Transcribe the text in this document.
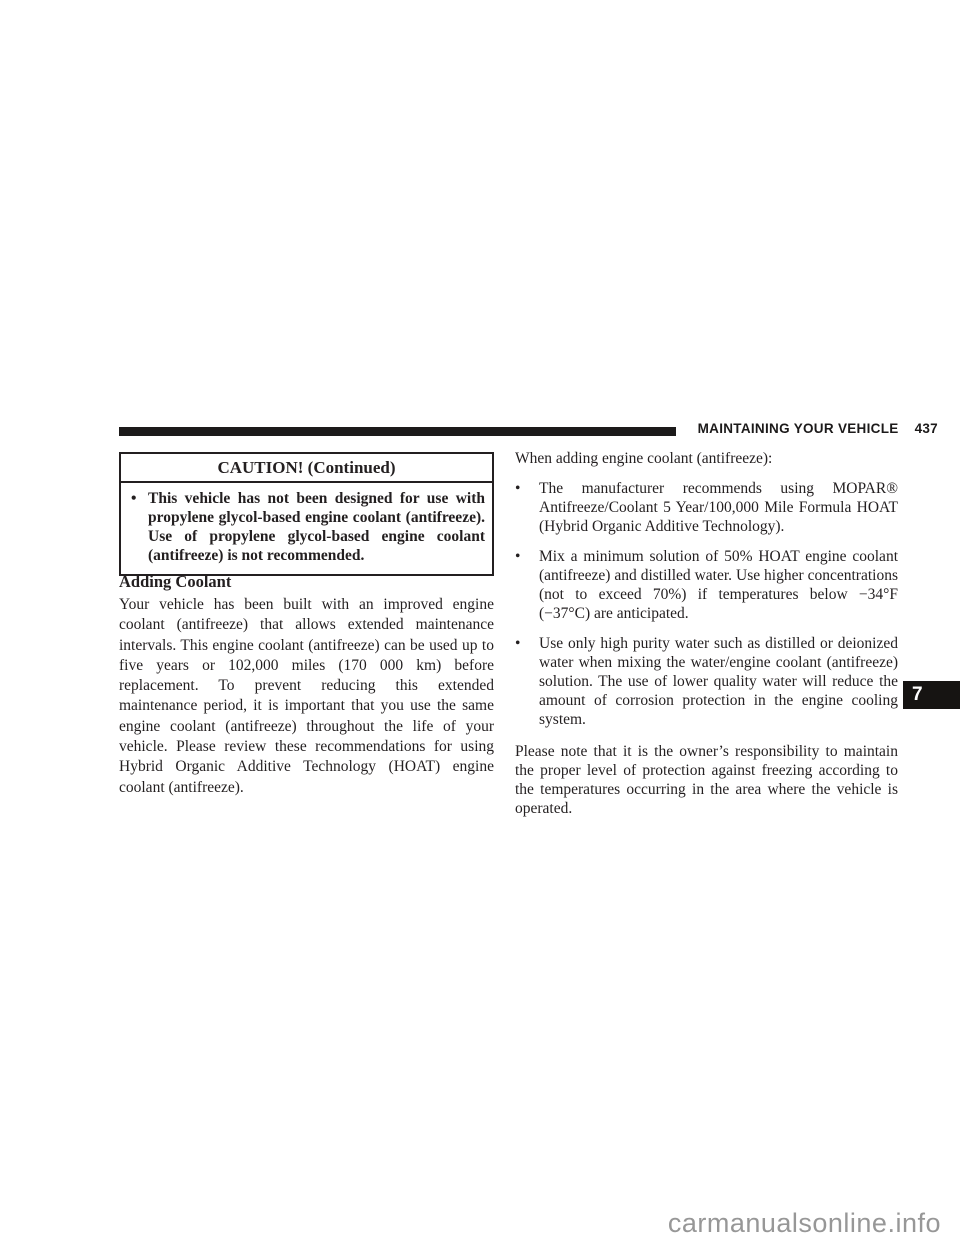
MAINTAINING YOUR VEHICLE 437
CAUTION! (Continued)
• This vehicle has not been designed for use with propylene glycol-based engine coolant (antifreeze). Use of propylene glycol-based engine coolant (antifreeze) is not recommended.
Adding Coolant

Your vehicle has been built with an improved engine coolant (antifreeze) that allows extended maintenance intervals. This engine coolant (antifreeze) can be used up to five years or 102,000 miles (170 000 km) before replacement. To prevent reducing this extended maintenance period, it is important that you use the same engine coolant (antifreeze) throughout the life of your vehicle. Please review these recommendations for using Hybrid Organic Additive Technology (HOAT) engine coolant (antifreeze).

When adding engine coolant (antifreeze):

•	The manufacturer recommends using MOPAR® Antifreeze/Coolant 5 Year/100,000 Mile Formula HOAT (Hybrid Organic Additive Technology).
•	Mix a minimum solution of 50% HOAT engine coolant (antifreeze) and distilled water. Use higher concentrations (not to exceed 70%) if temperatures below −34°F (−37°C) are anticipated.
•	Use only high purity water such as distilled or deionized water when mixing the water/engine coolant (antifreeze) solution. The use of lower quality water will reduce the amount of corrosion protection in the engine cooling system.

Please note that it is the owner’s responsibility to maintain the proper level of protection against freezing according to the temperatures occurring in the area where the vehicle is operated.

7
carmanualsonline.info
